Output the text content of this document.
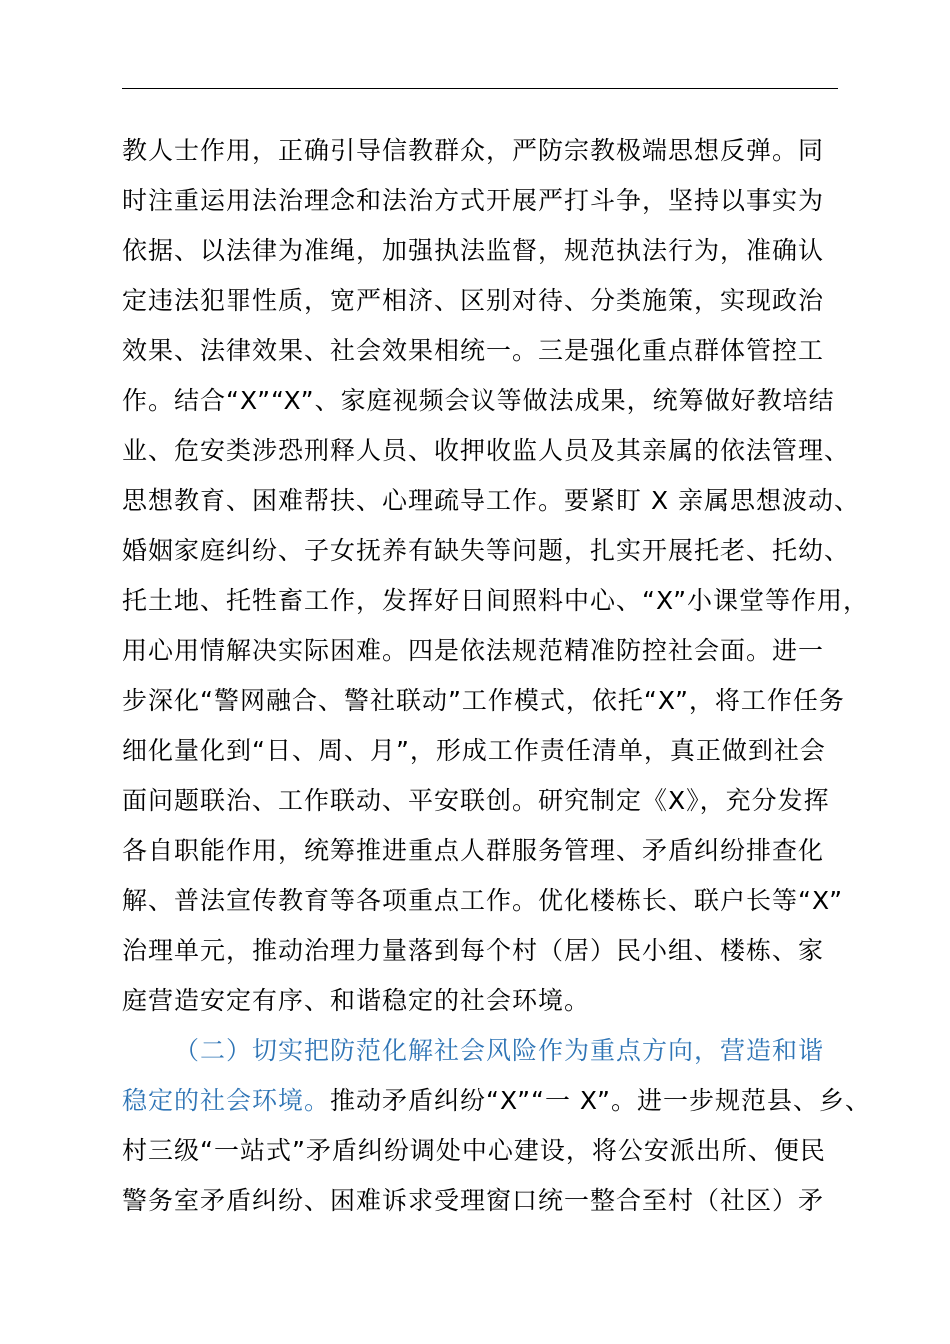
教人士作用，正确引导信教群众，严防宗教极端思想反弹。同
时注重运用法治理念和法治方式开展严打斗争，坚持以事实为
依据、以法律为准绳，加强执法监督，规范执法行为，准确认
定违法犯罪性质，宽严相济、区别对待、分类施策，实现政治
效果、法律效果、社会效果相统一。三是强化重点群体管控工
作。结合“X”“X”、家庭视频会议等做法成果，统筹做好教培结
业、危安类涉恐刑释人员、收押收监人员及其亲属的依法管理、
思想教育、困难帮扶、心理疏导工作。要紧盯 X 亲属思想波动、
婚姻家庭纠纷、子女抚养有缺失等问题，扎实开展托老、托幼、
托土地、托牲畜工作，发挥好日间照料中心、“X”小课堂等作用，
用心用情解决实际困难。四是依法规范精准防控社会面。进一
步深化“警网融合、警社联动”工作模式，依托“X”，将工作任务
细化量化到“日、周、月”，形成工作责任清单，真正做到社会
面问题联治、工作联动、平安联创。研究制定《X》，充分发挥
各自职能作用，统筹推进重点人群服务管理、矛盾纠纷排查化
解、普法宣传教育等各项重点工作。优化楼栋长、联户长等“X”
治理单元，推动治理力量落到每个村（居）民小组、楼栋、家
庭营造安定有序、和谐稳定的社会环境。
（二）切实把防范化解社会风险作为重点方向，营造和谐
稳定的社会环境。推动矛盾纠纷“X”“一 X”。进一步规范县、乡、
村三级“一站式”矛盾纠纷调处中心建设，将公安派出所、便民
警务室矛盾纠纷、困难诉求受理窗口统一整合至村（社区）矛
